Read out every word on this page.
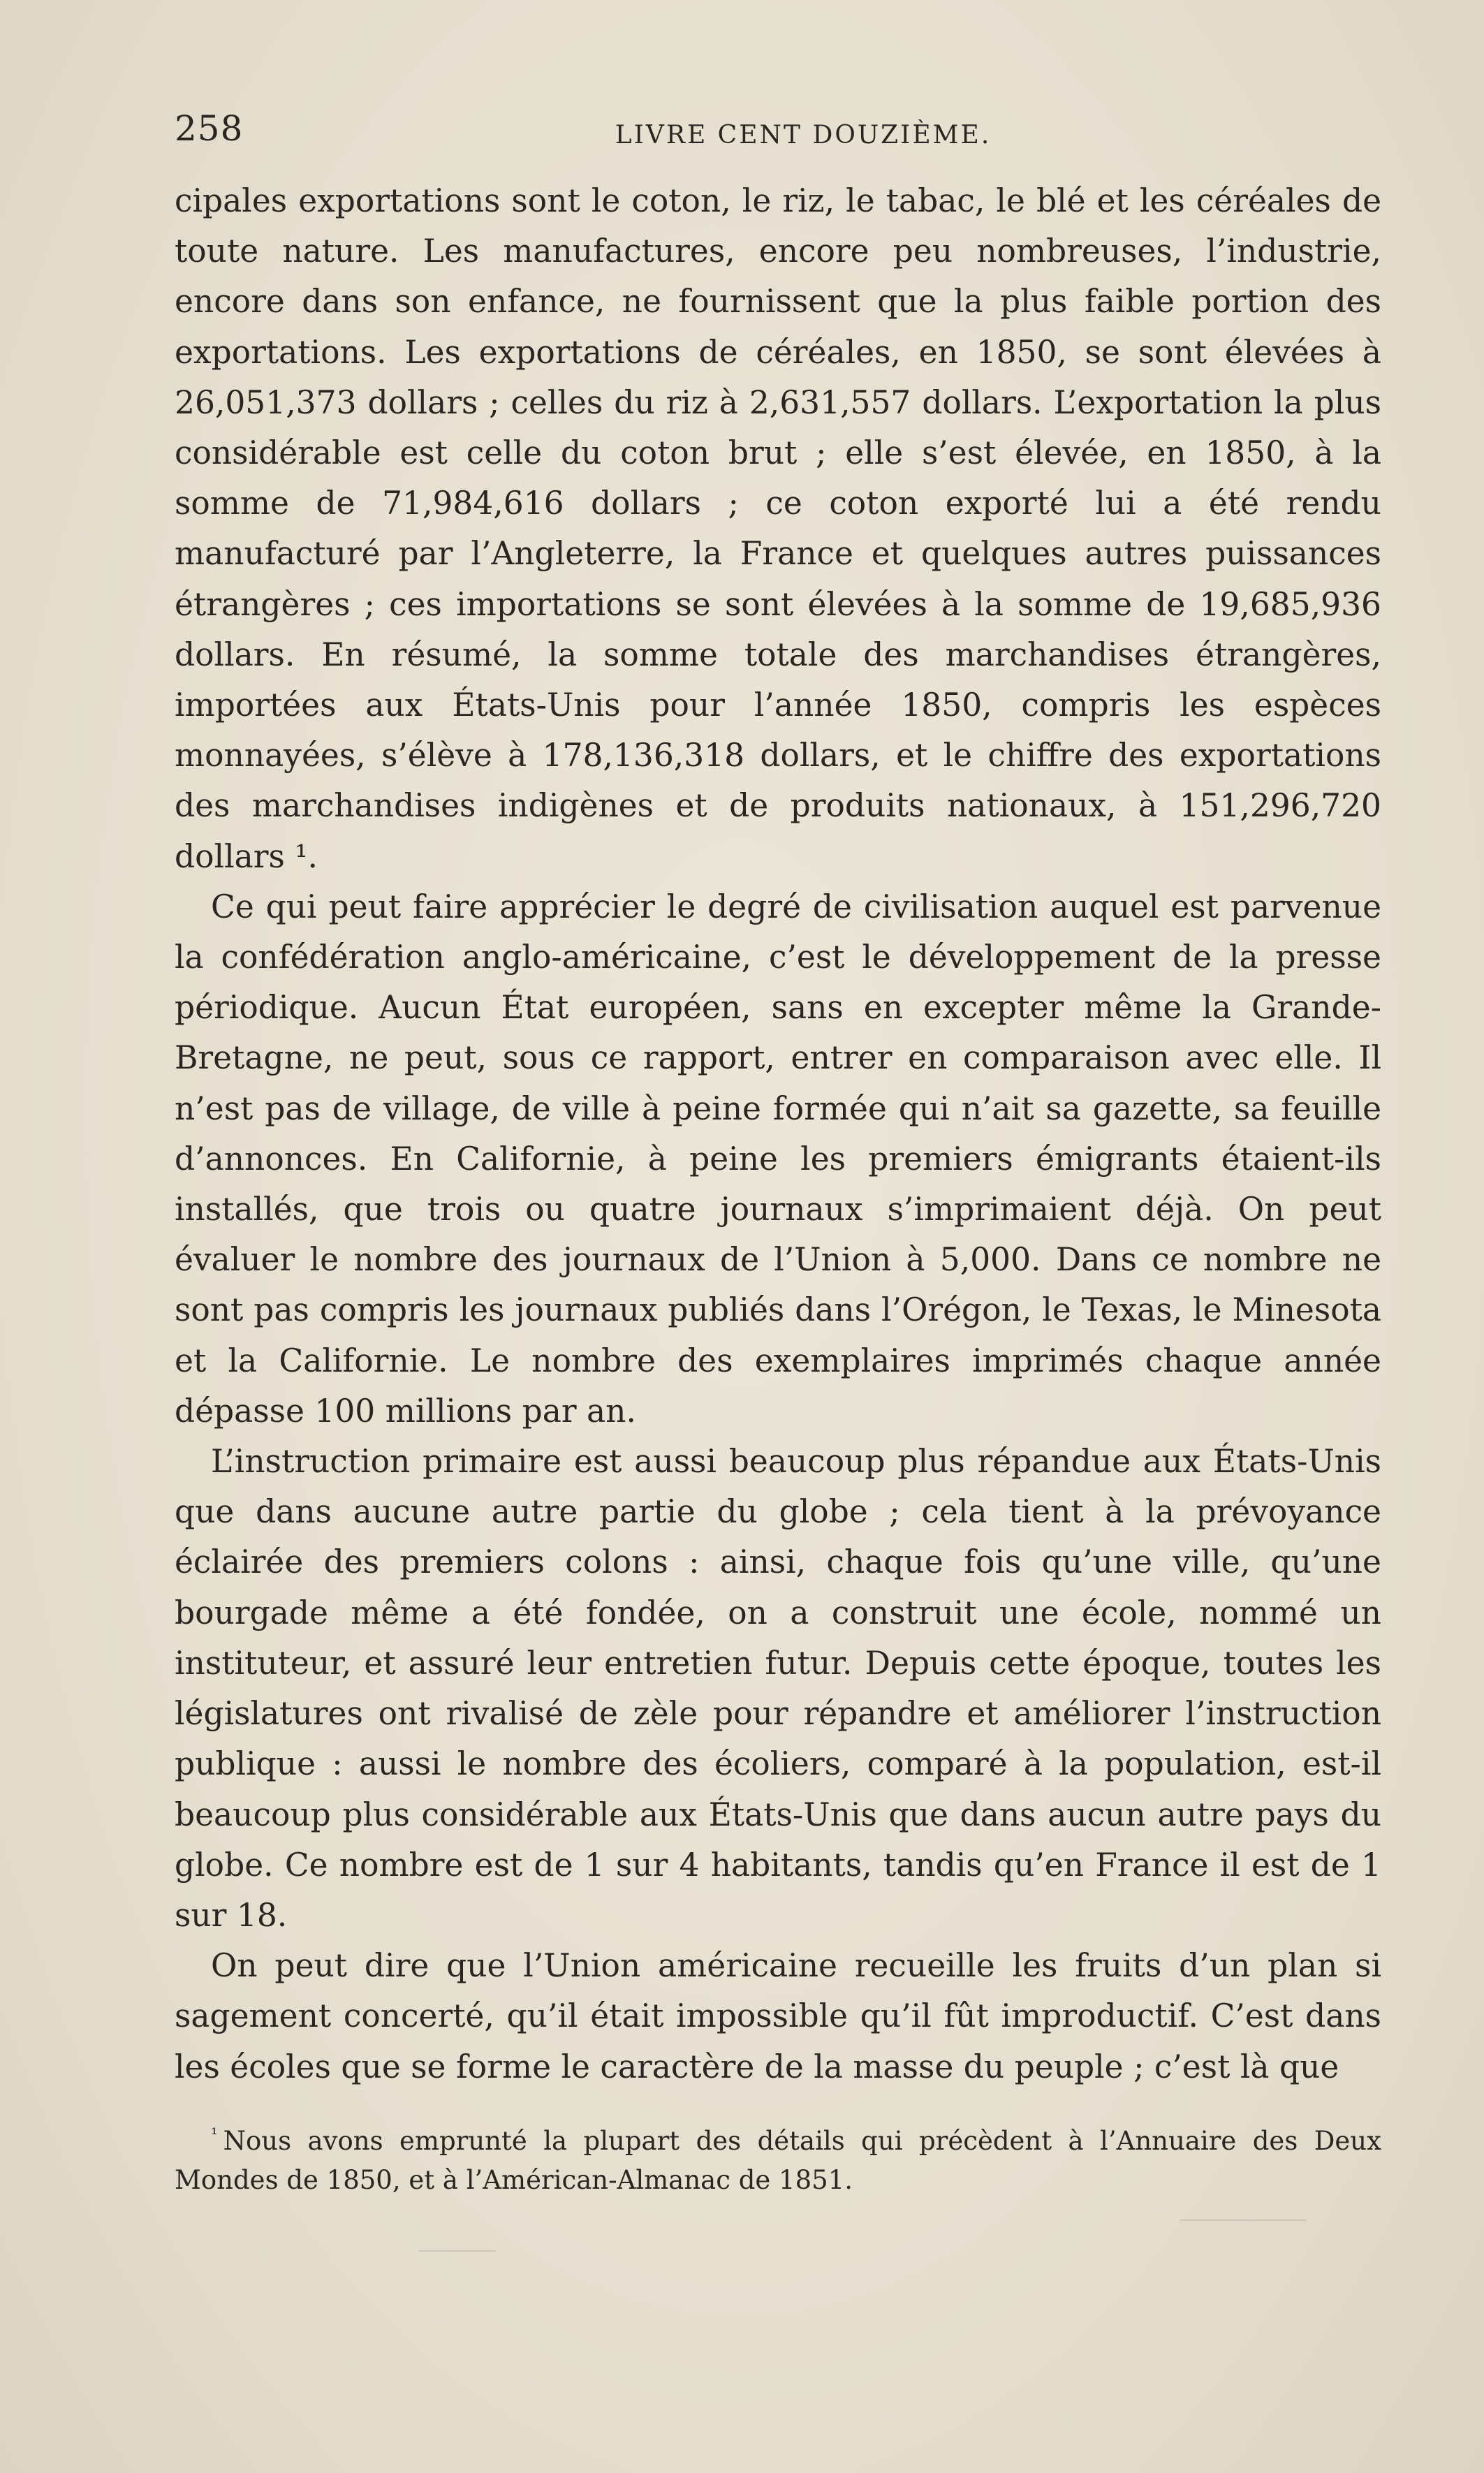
258	LIVRE CENT DOUZIÈME.

cipales exportations sont le coton, le riz, le tabac, le blé et les céréales de toute nature. Les manufactures, encore peu nombreuses, l’industrie, encore dans son enfance, ne fournissent que la plus faible portion des exportations. Les exportations de céréales, en 1850, se sont élevées à 26,051,373 dollars ; celles du riz à 2,631,557 dollars. L’exportation la plus considérable est celle du coton brut ; elle s’est élevée, en 1850, à la somme de 71,984,616 dollars ; ce coton exporté lui a été rendu manufacturé par l’Angleterre, la France et quelques autres puissances étrangères ; ces importations se sont élevées à la somme de 19,685,936 dollars. En résumé, la somme totale des marchandises étrangères, importées aux États-Unis pour l’année 1850, compris les espèces monnayées, s’élève à 178,136,318 dollars, et le chiffre des exportations des marchandises indigènes et de produits nationaux, à 151,296,720 dollars ¹.

Ce qui peut faire apprécier le degré de civilisation auquel est parvenue la confédération anglo-américaine, c’est le développement de la presse périodique. Aucun État européen, sans en excepter même la Grande-Bretagne, ne peut, sous ce rapport, entrer en comparaison avec elle. Il n’est pas de village, de ville à peine formée qui n’ait sa gazette, sa feuille d’annonces. En Californie, à peine les premiers émigrants étaient-ils installés, que trois ou quatre journaux s’imprimaient déjà. On peut évaluer le nombre des journaux de l’Union à 5,000. Dans ce nombre ne sont pas compris les journaux publiés dans l’Orégon, le Texas, le Minesota et la Californie. Le nombre des exemplaires imprimés chaque année dépasse 100 millions par an.

L’instruction primaire est aussi beaucoup plus répandue aux États-Unis que dans aucune autre partie du globe ; cela tient à la prévoyance éclairée des premiers colons : ainsi, chaque fois qu’une ville, qu’une bourgade même a été fondée, on a construit une école, nommé un instituteur, et assuré leur entretien futur. Depuis cette époque, toutes les législatures ont rivalisé de zèle pour répandre et améliorer l’instruction publique : aussi le nombre des écoliers, comparé à la population, est-il beaucoup plus considérable aux États-Unis que dans aucun autre pays du globe. Ce nombre est de 1 sur 4 habitants, tandis qu’en France il est de 1 sur 18.

On peut dire que l’Union américaine recueille les fruits d’un plan si sagement concerté, qu’il était impossible qu’il fût improductif. C’est dans les écoles que se forme le caractère de la masse du peuple ; c’est là que

$^{^1}$ Nous avons emprunté la plupart des détails qui précèdent à l’Annuaire des Deux Mondes de 1850, et à l’Américan-Almanac de 1851.
